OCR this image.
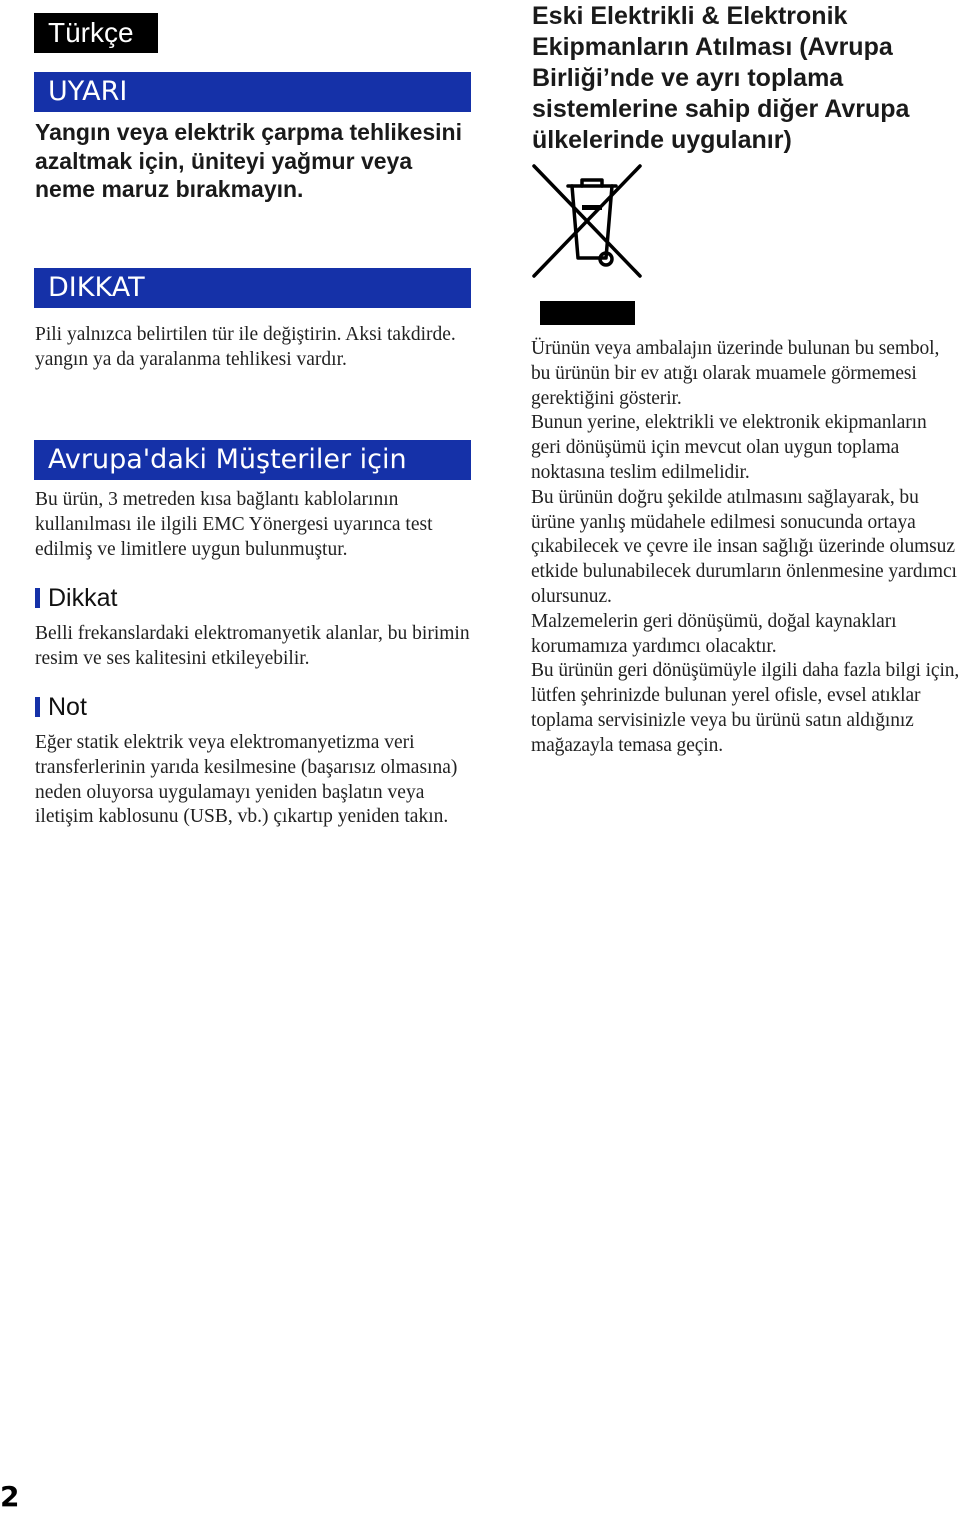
Türkçe
UYARI
Yangın veya elektrik çarpma tehlikesini azaltmak için, üniteyi yağmur veya neme maruz bırakmayın.
DIKKAT
Pili yalnızca belirtilen tür ile değiştirin. Aksi takdirde. yangın ya da yaralanma tehlikesi vardır.
Avrupa'daki Müşteriler için
Bu ürün, 3 metreden kısa bağlantı kablolarının kullanılması ile ilgili EMC Yönergesi uyarınca test edilmiş ve limitlere uygun bulunmuştur.
Dikkat
Belli frekanslardaki elektromanyetik alanlar, bu birimin resim ve ses kalitesini etkileyebilir.
Not
Eğer statik elektrik veya elektromanyetizma veri transferlerinin yarıda kesilmesine (başarısız olmasına) neden oluyorsa uygulamayı yeniden başlatın veya iletişim kablosunu (USB, vb.) çıkartıp yeniden takın.
Eski Elektrikli & Elektronik Ekipmanların Atılması (Avrupa Birliği’nde ve ayrı toplama sistemlerine sahip diğer Avrupa ülkelerinde uygulanır)

Ürünün veya ambalajın üzerinde bulunan bu sembol, bu ürünün bir ev atığı olarak muamele görmemesi gerektiğini gösterir.

Bunun yerine, elektrikli ve elektronik ekipmanların geri dönüşümü için mevcut olan uygun toplama noktasına teslim edilmelidir.

Bu ürünün doğru şekilde atılmasını sağlayarak, bu ürüne yanlış müdahele edilmesi sonucunda ortaya çıkabilecek ve çevre ile insan sağlığı üzerinde olumsuz etkide bulunabilecek durumların önlenmesine yardımcı olursunuz.

Malzemelerin geri dönüşümü, doğal kaynakları korumamıza yardımcı olacaktır.

Bu ürünün geri dönüşümüyle ilgili daha fazla bilgi için, lütfen şehrinizde bulunan yerel ofisle, evsel atıklar toplama servisinizle veya bu ürünü satın aldığınız mağazayla temasa geçin.

2
